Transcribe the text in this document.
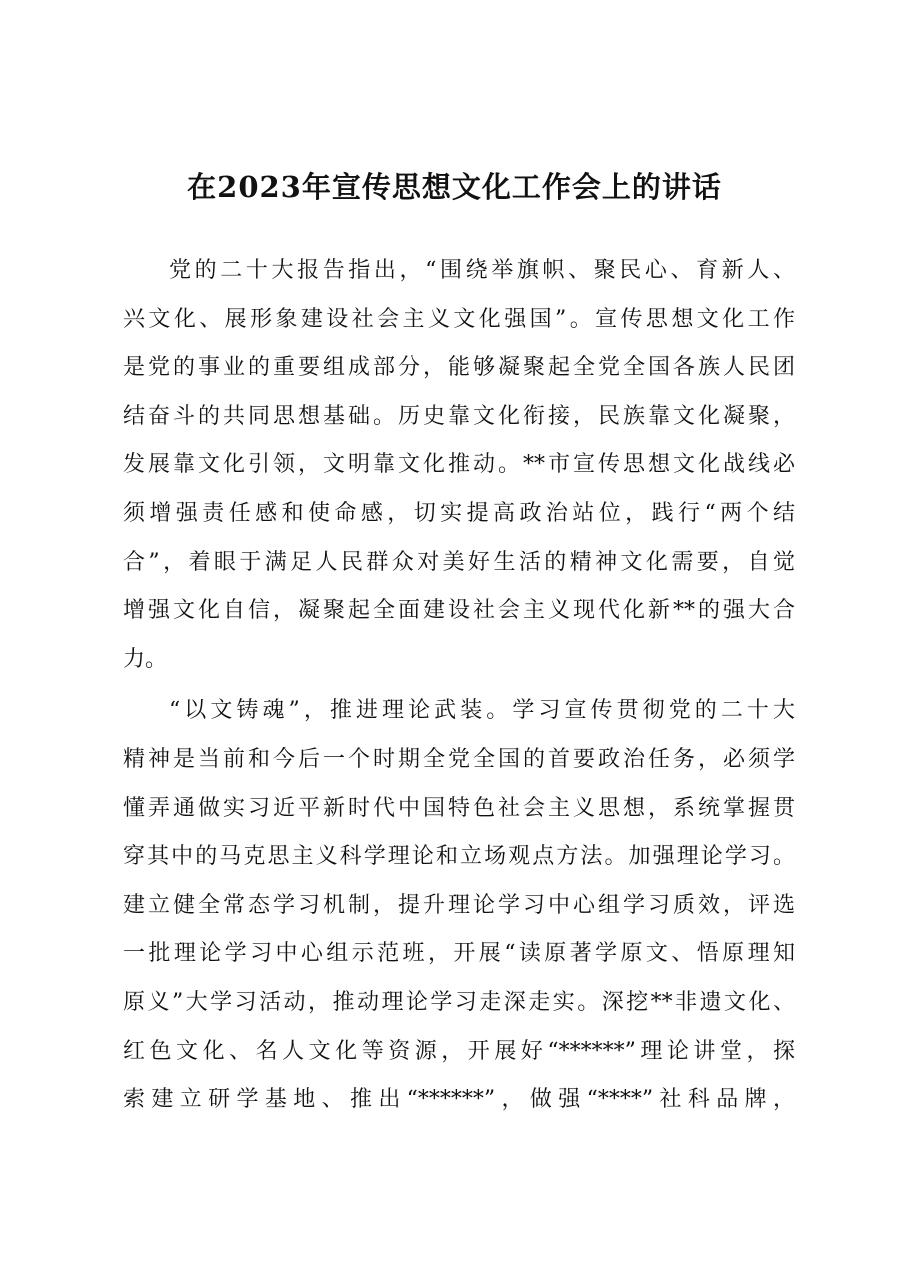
在2023年宣传思想文化工作会上的讲话
党的二十大报告指出，“围绕举旗帜、聚民心、育新人、
兴文化、展形象建设社会主义文化强国”。宣传思想文化工作
是党的事业的重要组成部分，能够凝聚起全党全国各族人民团
结奋斗的共同思想基础。历史靠文化衔接，民族靠文化凝聚，
发展靠文化引领，文明靠文化推动。**市宣传思想文化战线必
须增强责任感和使命感，切实提高政治站位，践行“两个结
合”，着眼于满足人民群众对美好生活的精神文化需要，自觉
增强文化自信，凝聚起全面建设社会主义现代化新**的强大合
力。
“以文铸魂”，推进理论武装。学习宣传贯彻党的二十大
精神是当前和今后一个时期全党全国的首要政治任务，必须学
懂弄通做实习近平新时代中国特色社会主义思想，系统掌握贯
穿其中的马克思主义科学理论和立场观点方法。加强理论学习。
建立健全常态学习机制，提升理论学习中心组学习质效，评选
一批理论学习中心组示范班，开展“读原著学原文、悟原理知
原义”大学习活动，推动理论学习走深走实。深挖**非遗文化、
红色文化、名人文化等资源，开展好“******”理论讲堂，探
索建立研学基地、推出“******”，做强“****”社科品牌，
